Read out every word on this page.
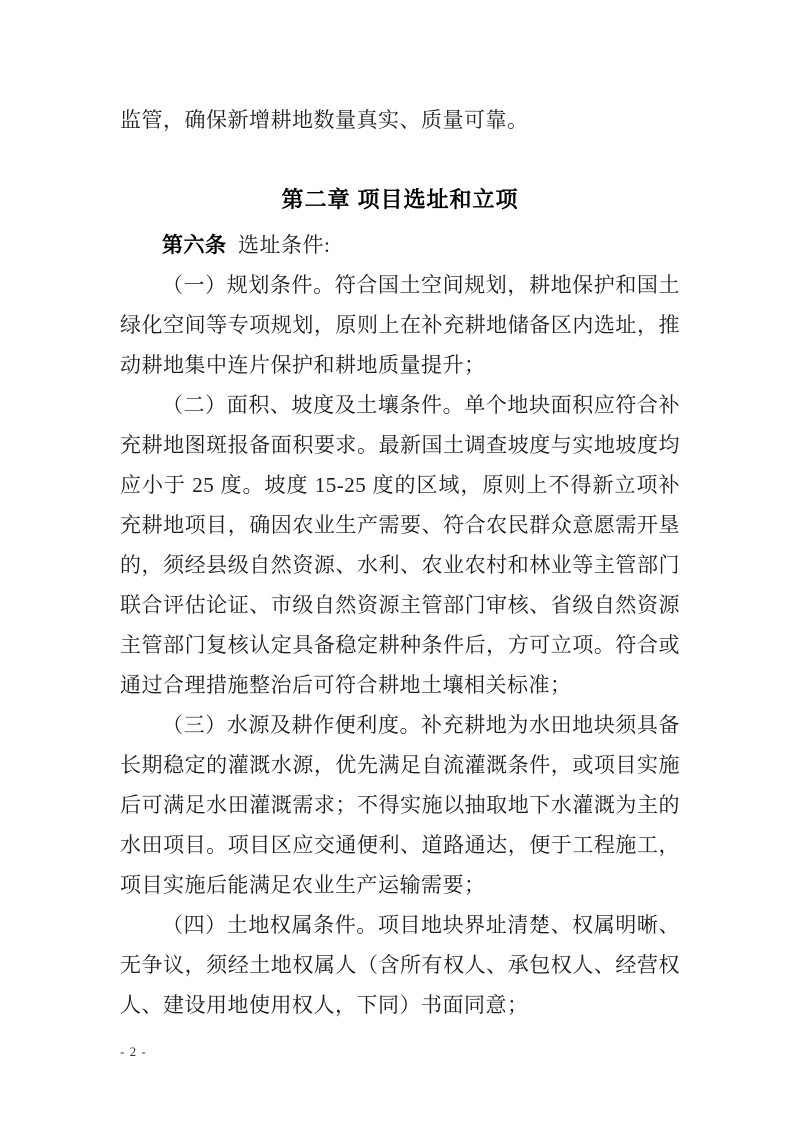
监管，确保新增耕地数量真实、质量可靠。

第二章 项目选址和立项

第六条 选址条件:

（一）规划条件。符合国土空间规划，耕地保护和国土绿化空间等专项规划，原则上在补充耕地储备区内选址，推动耕地集中连片保护和耕地质量提升；

（二）面积、坡度及土壤条件。单个地块面积应符合补充耕地图斑报备面积要求。最新国土调查坡度与实地坡度均应小于 25 度。坡度 15-25 度的区域，原则上不得新立项补充耕地项目，确因农业生产需要、符合农民群众意愿需开垦的，须经县级自然资源、水利、农业农村和林业等主管部门联合评估论证、市级自然资源主管部门审核、省级自然资源主管部门复核认定具备稳定耕种条件后，方可立项。符合或通过合理措施整治后可符合耕地土壤相关标准；

（三）水源及耕作便利度。补充耕地为水田地块须具备长期稳定的灌溉水源，优先满足自流灌溉条件，或项目实施后可满足水田灌溉需求；不得实施以抽取地下水灌溉为主的水田项目。项目区应交通便利、道路通达，便于工程施工，项目实施后能满足农业生产运输需要；

（四）土地权属条件。项目地块界址清楚、权属明晰、无争议，须经土地权属人（含所有权人、承包权人、经营权人、建设用地使用权人，下同）书面同意；

- 2 -
